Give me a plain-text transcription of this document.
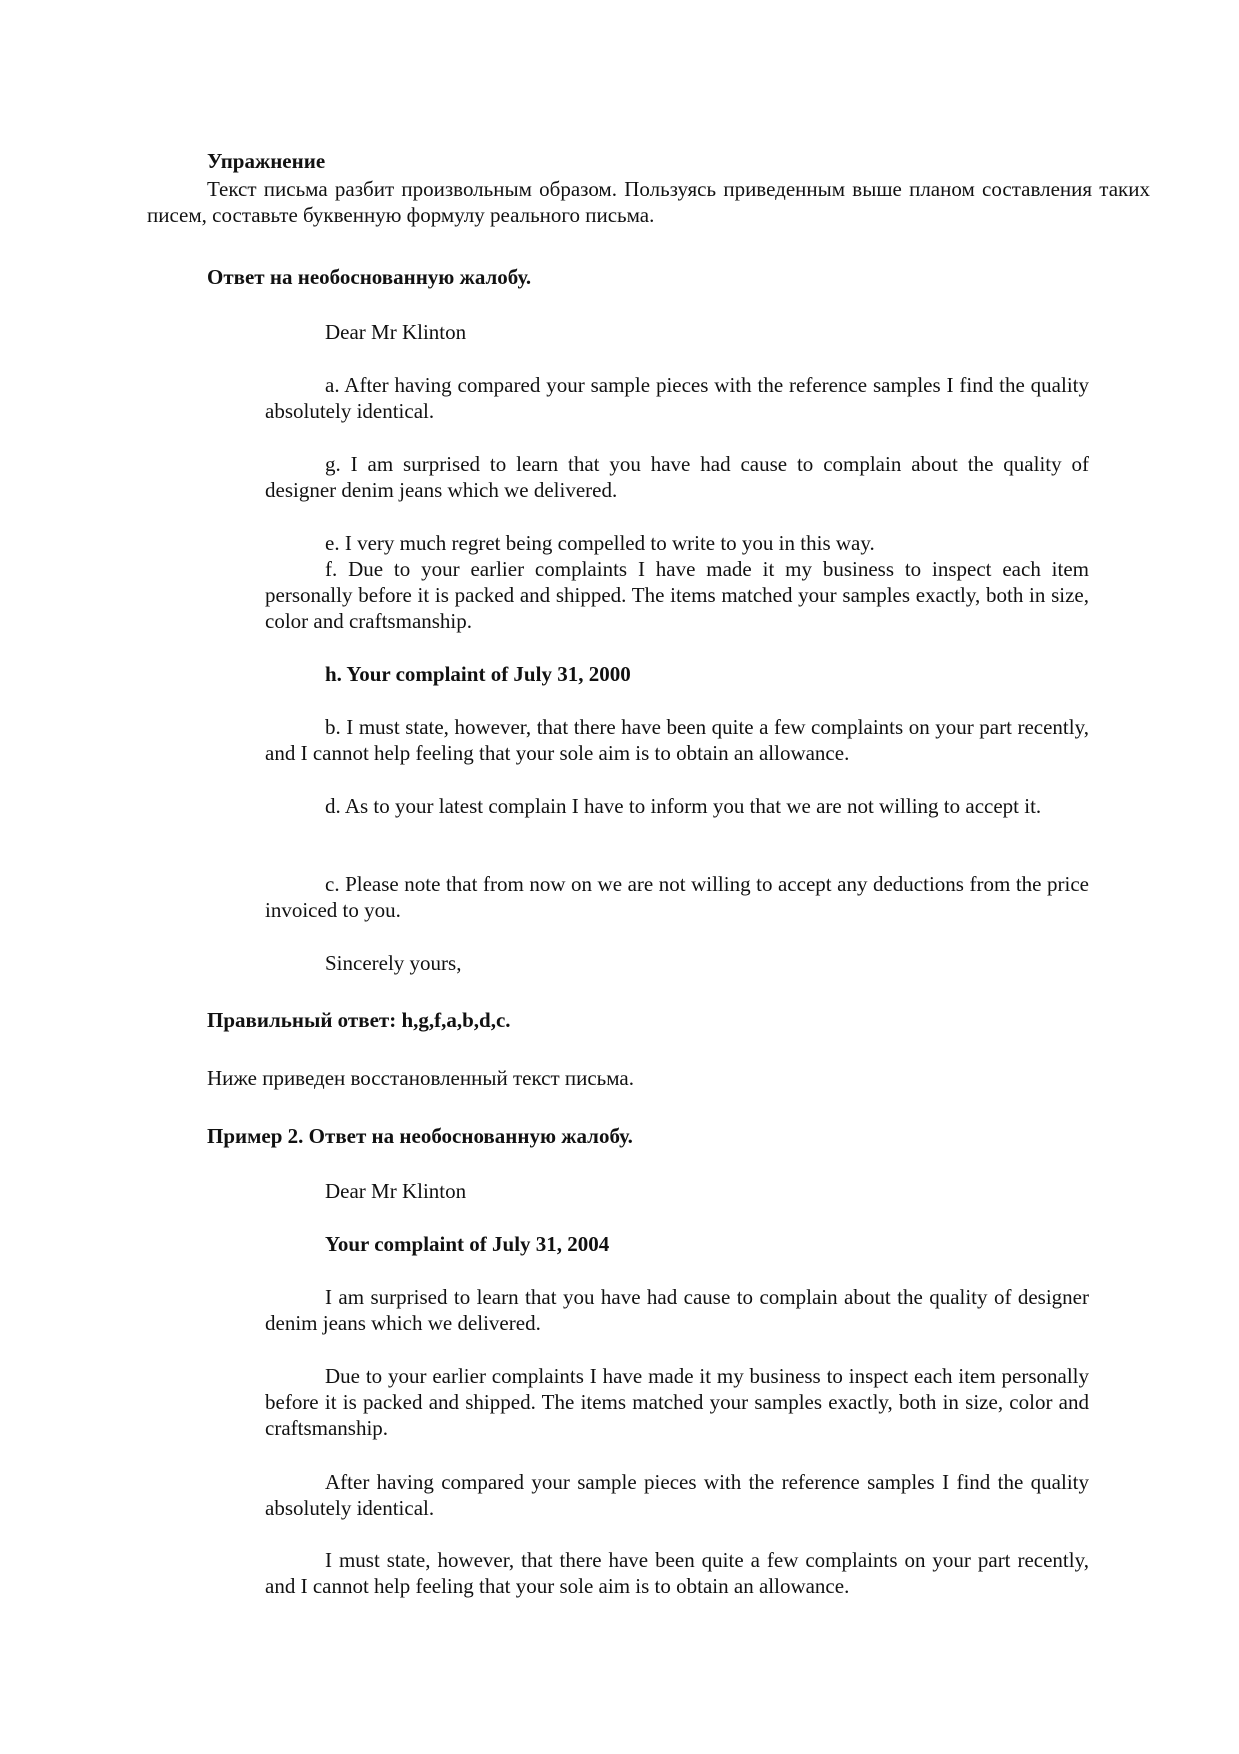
Упражнение

Текст письма разбит произвольным образом. Пользуясь приведенным выше планом составления таких писем, составьте буквенную формулу реального письма.

Ответ на необоснованную жалобу.

Dear Mr Klinton

a. After having compared your sample pieces with the reference samples I find the quality absolutely identical.

g. I am surprised to learn that you have had cause to complain about the quality of designer denim jeans which we delivered.

e. I very much regret being compelled to write to you in this way.

f. Due to your earlier complaints I have made it my business to inspect each item personally before it is packed and shipped. The items matched your samples exactly, both in size, color and craftsmanship.

h. Your complaint of July 31, 2000

b. I must state, however, that there have been quite a few complaints on your part recently, and I cannot help feeling that your sole aim is to obtain an allowance.

d. As to your latest complain I have to inform you that we are not willing to accept it.

c. Please note that from now on we are not willing to accept any deductions from the price invoiced to you.

Sincerely yours,

Правильный ответ: h,g,f,a,b,d,c.

Ниже приведен восстановленный текст письма.

Пример 2. Ответ на необоснованную жалобу.

Dear Mr Klinton

Your complaint of July 31, 2004

I am surprised to learn that you have had cause to complain about the quality of designer denim jeans which we delivered.

Due to your earlier complaints I have made it my business to inspect each item personally before it is packed and shipped. The items matched your samples exactly, both in size, color and craftsmanship.

After having compared your sample pieces with the reference samples I find the quality absolutely identical.

I must state, however, that there have been quite a few complaints on your part recently, and I cannot help feeling that your sole aim is to obtain an allowance.
